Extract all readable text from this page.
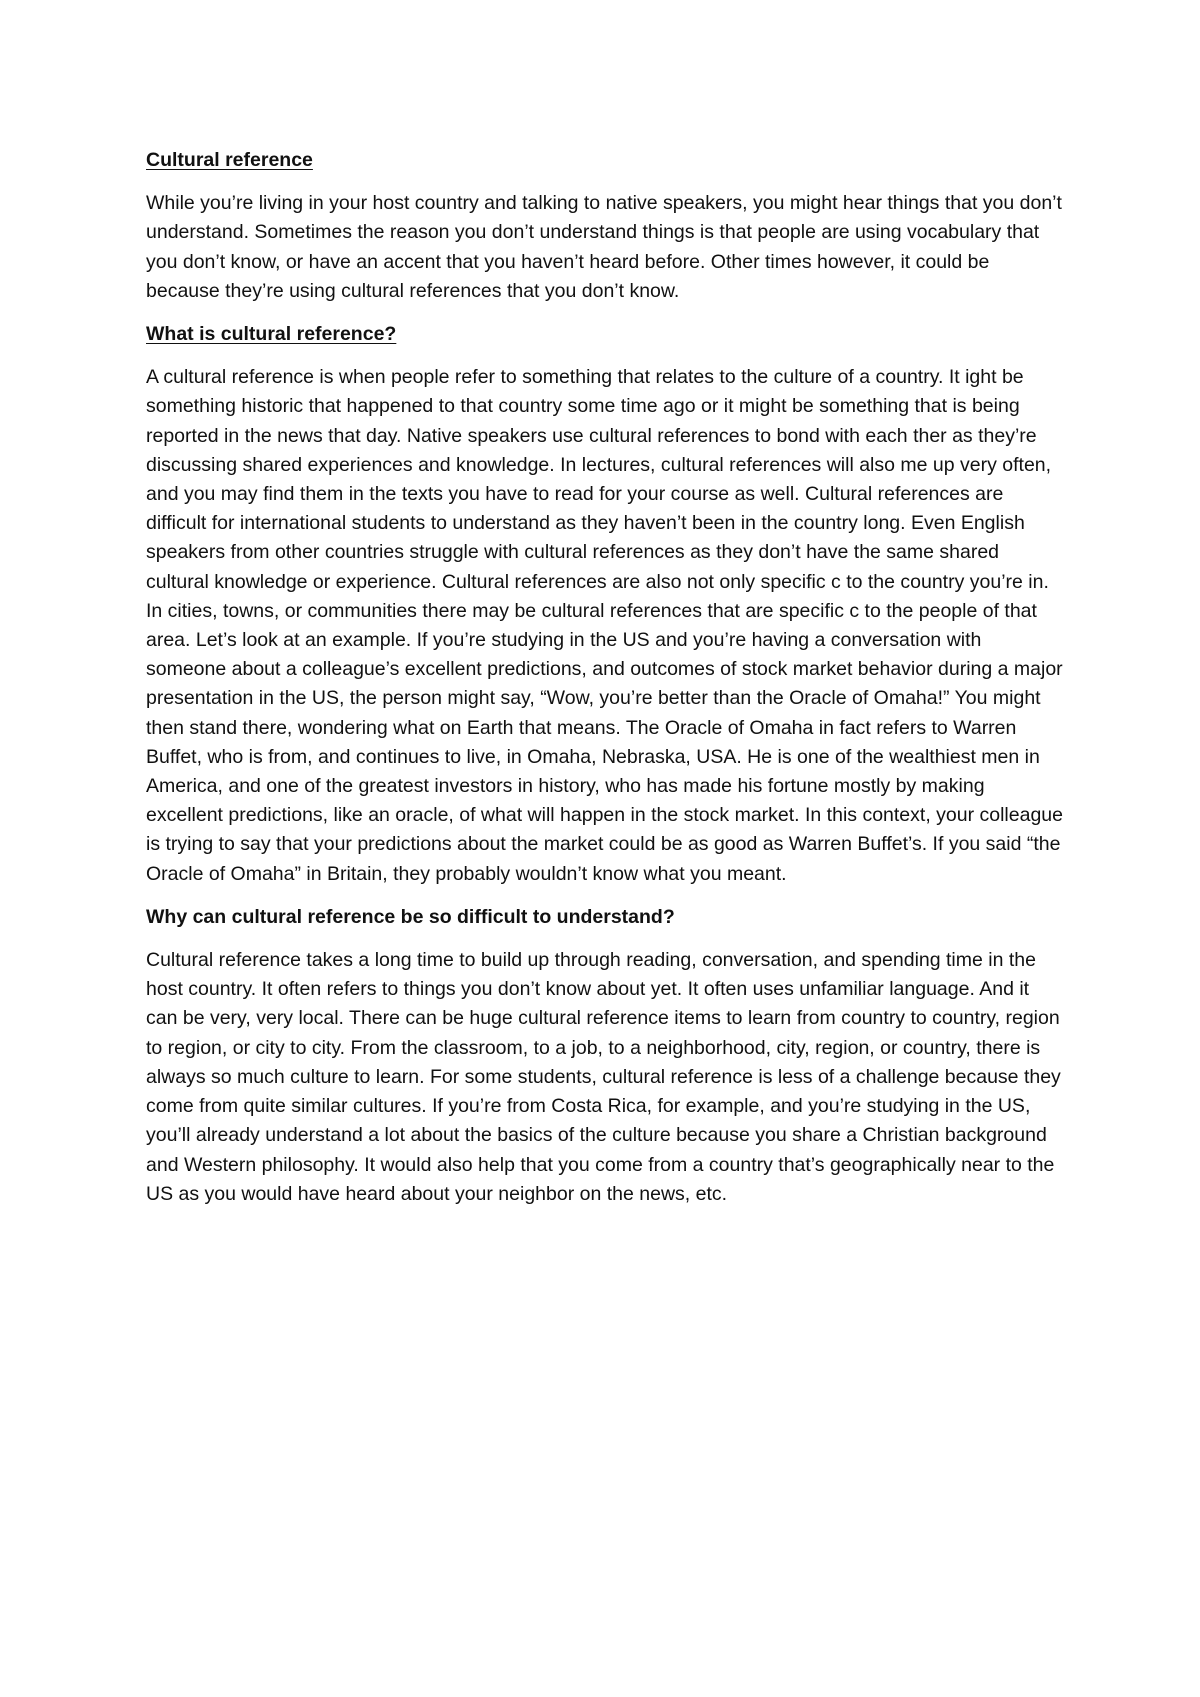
Cultural reference

While you’re living in your host country and talking to native speakers, you might hear things that you don’t understand. Sometimes the reason you don’t understand things is that people are using vocabulary that you don’t know, or have an accent that you haven’t heard before. Other times however, it could be because they’re using cultural references that you don’t know.

What is cultural reference?

A cultural reference is when people refer to something that relates to the culture of a country. It ight be something historic that happened to that country some time ago or it might be something that is being reported in the news that day. Native speakers use cultural references to bond with each ther as they’re discussing shared experiences and knowledge. In lectures, cultural references will also me up very often, and you may find them in the texts you have to read for your course as well. Cultural references are difficult for international students to understand as they haven’t been in the country long. Even English speakers from other countries struggle with cultural references as they don’t have the same shared cultural knowledge or experience. Cultural references are also not only specific c to the country you’re in. In cities, towns, or communities there may be cultural references that are specific c to the people of that area. Let’s look at an example. If you’re studying in the US and you’re having a conversation with someone about a colleague’s excellent predictions, and outcomes of stock market behavior during a major presentation in the US, the person might say, “Wow, you’re better than the Oracle of Omaha!” You might then stand there, wondering what on Earth that means. The Oracle of Omaha in fact refers to Warren Buffet, who is from, and continues to live, in Omaha, Nebraska, USA. He is one of the wealthiest men in America, and one of the greatest investors in history, who has made his fortune mostly by making excellent predictions, like an oracle, of what will happen in the stock market. In this context, your colleague is trying to say that your predictions about the market could be as good as Warren Buffet’s. If you said “the Oracle of Omaha” in Britain, they probably wouldn’t know what you meant.

Why can cultural reference be so difficult to understand?

Cultural reference takes a long time to build up through reading, conversation, and spending time in the host country. It often refers to things you don’t know about yet. It often uses unfamiliar language. And it can be very, very local. There can be huge cultural reference items to learn from country to country, region to region, or city to city. From the classroom, to a job, to a neighborhood, city, region, or country, there is always so much culture to learn. For some students, cultural reference is less of a challenge because they come from quite similar cultures. If you’re from Costa Rica, for example, and you’re studying in the US, you’ll already understand a lot about the basics of the culture because you share a Christian background and Western philosophy. It would also help that you come from a country that’s geographically near to the US as you would have heard about your neighbor on the news, etc.
